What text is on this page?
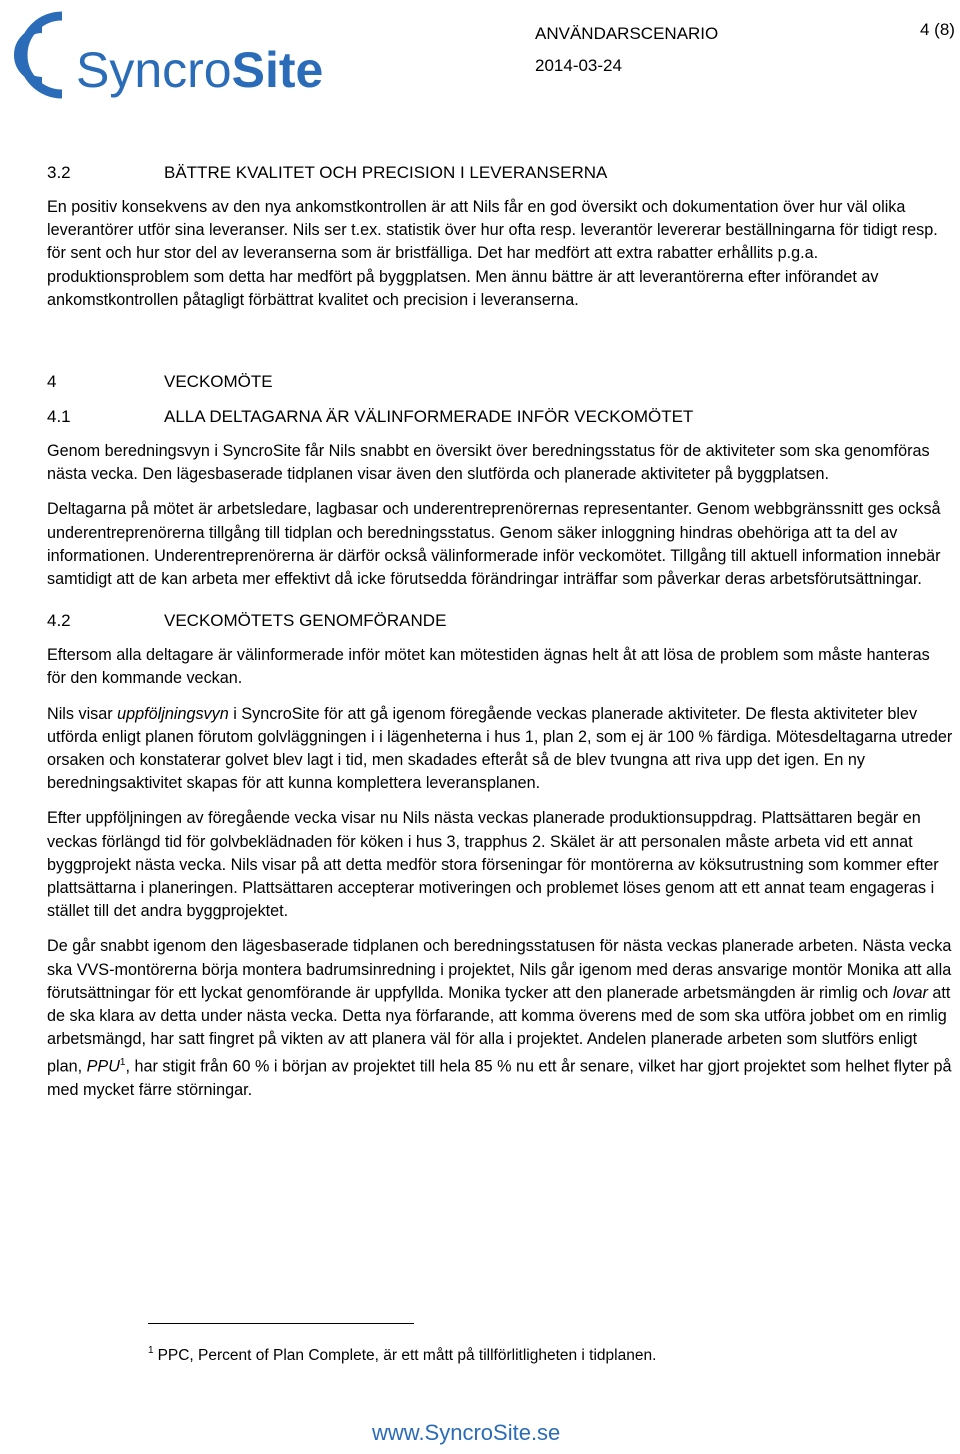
SyncroSite
ANVÄNDARSCENARIO
2014-03-24
4 (8)
3.2	BÄTTRE KVALITET OCH PRECISION I LEVERANSERNA

En positiv konsekvens av den nya ankomstkontrollen är att Nils får en god översikt och dokumentation över hur väl olika leverantörer utför sina leveranser. Nils ser t.ex. statistik över hur ofta resp. leverantör levererar beställningarna för tidigt resp. för sent och hur stor del av leveranserna som är bristfälliga. Det har medfört att extra rabatter erhållits p.g.a. produktionsproblem som detta har medfört på byggplatsen. Men ännu bättre är att leverantörerna efter införandet av ankomstkontrollen påtagligt förbättrat kvalitet och precision i leveranserna.

4	VECKOMÖTE
4.1	ALLA DELTAGARNA ÄR VÄLINFORMERADE INFÖR VECKOMÖTET

Genom beredningsvyn i SyncroSite får Nils snabbt en översikt över beredningsstatus för de aktiviteter som ska genomföras nästa vecka. Den lägesbaserade tidplanen visar även den slutförda och planerade aktiviteter på byggplatsen.

Deltagarna på mötet är arbetsledare, lagbasar och underentreprenörernas representanter. Genom webbgränssnitt ges också underentreprenörerna tillgång till tidplan och beredningsstatus. Genom säker inloggning hindras obehöriga att ta del av informationen. Underentreprenörerna är därför också välinformerade inför veckomötet. Tillgång till aktuell information innebär samtidigt att de kan arbeta mer effektivt då icke förutsedda förändringar inträffar som påverkar deras arbetsförutsättningar.

4.2	VECKOMÖTETS GENOMFÖRANDE

Eftersom alla deltagare är välinformerade inför mötet kan mötestiden ägnas helt åt att lösa de problem som måste hanteras för den kommande veckan.

Nils visar uppföljningsvyn i SyncroSite för att gå igenom föregående veckas planerade aktiviteter. De flesta aktiviteter blev utförda enligt planen förutom golvläggningen i i lägenheterna i hus 1, plan 2, som ej är 100 % färdiga. Mötesdeltagarna utreder orsaken och konstaterar golvet blev lagt i tid, men skadades efteråt så de blev tvungna att riva upp det igen. En ny beredningsaktivitet skapas för att kunna komplettera leveransplanen.

Efter uppföljningen av föregående vecka visar nu Nils nästa veckas planerade produktionsuppdrag. Plattsättaren begär en veckas förlängd tid för golvbeklädnaden för köken i hus 3, trapphus 2. Skälet är att personalen måste arbeta vid ett annat byggprojekt nästa vecka. Nils visar på att detta medför stora förseningar för montörerna av köksutrustning som kommer efter plattsättarna i planeringen. Plattsättaren accepterar motiveringen och problemet löses genom att ett annat team engageras i stället till det andra byggprojektet.

De går snabbt igenom den lägesbaserade tidplanen och beredningsstatusen för nästa veckas planerade arbeten. Nästa vecka ska VVS-montörerna börja montera badrumsinredning i projektet, Nils går igenom med deras ansvarige montör Monika att alla förutsättningar för ett lyckat genomförande är uppfyllda. Monika tycker att den planerade arbetsmängden är rimlig och lovar att de ska klara av detta under nästa vecka. Detta nya förfarande, att komma överens med de som ska utföra jobbet om en rimlig arbetsmängd, har satt fingret på vikten av att planera väl för alla i projektet. Andelen planerade arbeten som slutförs enligt plan, PPU$^1$, har stigit från 60 % i början av projektet till hela 85 % nu ett år senare, vilket har gjort projektet som helhet flyter på med mycket färre störningar.

$^1$ PPC, Percent of Plan Complete, är ett mått på tillförlitligheten i tidplanen.
www.SyncroSite.se
